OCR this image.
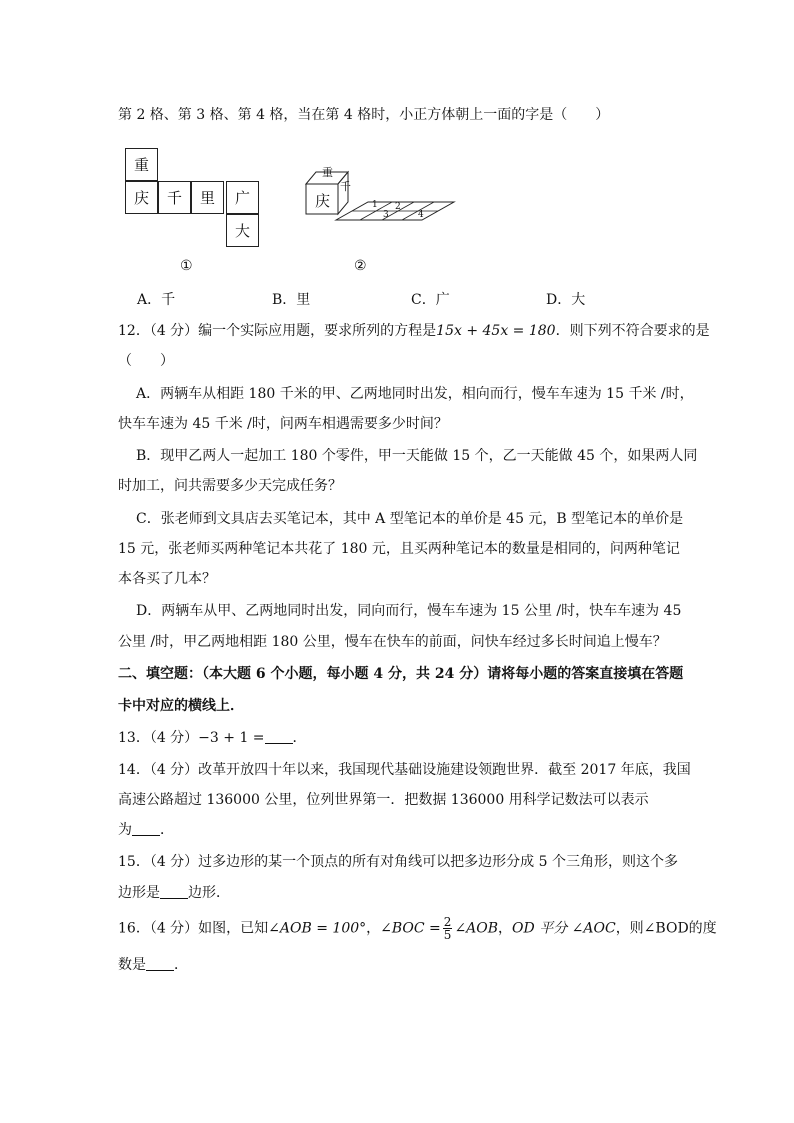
第 2 格、第 3 格、第 4 格，当在第 4 格时，小正方体朝上一面的字是（　　）
重
庆	千	里	广
大
①
重
庆
千
1 2
3	4
②
A．千	B．里	C．广	D．大
12．（4 分）编一个实际应用题，要求所列的方程是15x + 45x = 180．则下列不符合要求的是
（　　）
A．两辆车从相距 180 千米的甲、乙两地同时出发，相向而行，慢车车速为 15 千米 /时，
快车车速为 45 千米 /时，问两车相遇需要多少时间？
B．现甲乙两人一起加工 180 个零件，甲一天能做 15 个，乙一天能做 45 个，如果两人同
时加工，问共需要多少天完成任务？
C．张老师到文具店去买笔记本，其中 A 型笔记本的单价是 45 元，B 型笔记本的单价是
15 元，张老师买两种笔记本共花了 180 元，且买两种笔记本的数量是相同的，问两种笔记
本各买了几本？
D．两辆车从甲、乙两地同时出发，同向而行，慢车车速为 15 公里 /时，快车车速为 45
公里 /时，甲乙两地相距 180 公里，慢车在快车的前面，问快车经过多长时间追上慢车？
二、填空题：（本大题 6 个小题，每小题 4 分，共 24 分）请将每小题的答案直接填在答题
卡中对应的横线上．
13．（4 分）−3 + 1 = ．
14．（4 分）改革开放四十年以来，我国现代基础设施建设领跑世界．截至 2017 年底，我国
高速公路超过 136000 公里，位列世界第一．把数据 136000 用科学记数法可以表示
为 ．
15．（4 分）过多边形的某一个顶点的所有对角线可以把多边形分成 5 个三角形，则这个多
边形是 边形．
16．（4 分）如图，已知∠AOB = 100°，∠BOC = $\frac{2}{5}$ ∠AOB，OD 平分 ∠AOC，则∠BOD的度
数是 ．
